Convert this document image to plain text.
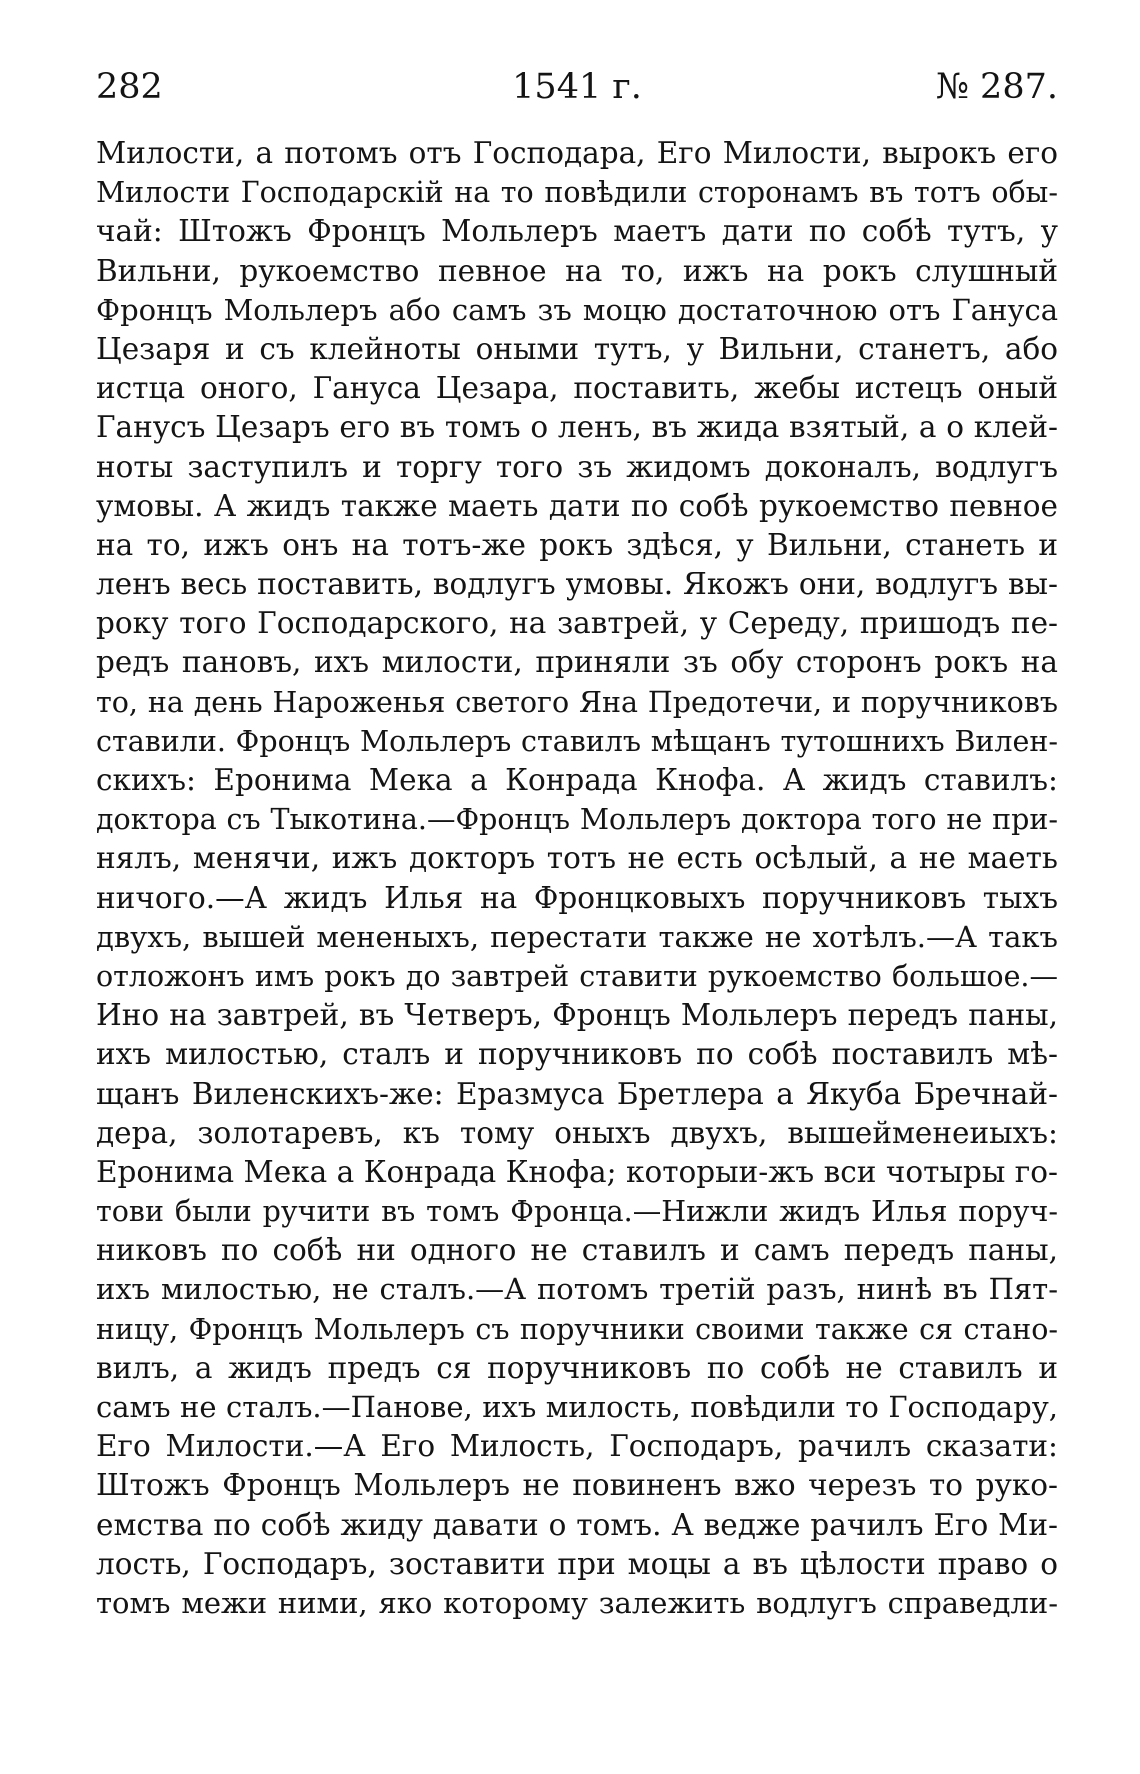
282	1541 г.	№ 287.
Милости, а потомъ отъ Господара, Его Милости, вырокъ его
Милости Господарскій на то повѣдили сторонамъ въ тотъ обы-
чай: Штожъ Фронцъ Мольлеръ маетъ дати по собѣ тутъ, у
Вильни, рукоемство певное на то, ижъ на рокъ слушный
Фронцъ Мольлеръ або самъ зъ моцю достаточною отъ Гануса
Цезаря и съ клейноты оными тутъ, у Вильни, станетъ, або
истца оного, Гануса Цезара, поставить, жебы истецъ оный
Ганусъ Цезаръ его въ томъ о ленъ, въ жида взятый, а о клей-
ноты заступилъ и торгу того зъ жидомъ доконалъ, водлугъ
умовы. А жидъ также маеть дати по собѣ рукоемство певное
на то, ижъ онъ на тотъ-же рокъ здѣся, у Вильни, станеть и
ленъ весь поставить, водлугъ умовы. Якожъ они, водлугъ вы-
року того Господарского, на завтрей, у Середу, пришодъ пе-
редъ пановъ, ихъ милости, приняли зъ обу сторонъ рокъ на
то, на день Нароженья светого Яна Предотечи, и поручниковъ
ставили. Фронцъ Мольлеръ ставилъ мѣщанъ тутошнихъ Вилен-
скихъ: Еронима Мека а Конрада Кнофа. А жидъ ставилъ:
доктора съ Тыкотина.—Фронцъ Мольлеръ доктора того не при-
нялъ, менячи, ижъ докторъ тотъ не есть осѣлый, а не маеть
ничого.—А жидъ Илья на Фронцковыхъ поручниковъ тыхъ
двухъ, вышей мененыхъ, перестати также не хотѣлъ.—А такъ
отложонъ имъ рокъ до завтрей ставити рукоемство большое.—
Ино на завтрей, въ Четверъ, Фронцъ Мольлеръ передъ паны,
ихъ милостью, сталъ и поручниковъ по собѣ поставилъ мѣ-
щанъ Виленскихъ-же: Еразмуса Бретлера а Якуба Бречнай-
дера, золотаревъ, къ тому оныхъ двухъ, вышейменеиыхъ:
Еронима Мека а Конрада Кнофа; которыи-жъ вси чотыры го-
тови были ручити въ томъ Фронца.—Нижли жидъ Илья поруч-
никовъ по собѣ ни одного не ставилъ и самъ передъ паны,
ихъ милостью, не сталъ.—А потомъ третій разъ, нинѣ въ Пят-
ницу, Фронцъ Мольлеръ съ поручники своими также ся стано-
вилъ, а жидъ предъ ся поручниковъ по собѣ не ставилъ и
самъ не сталъ.—Панове, ихъ милость, повѣдили то Господару,
Его Милости.—А Его Милость, Господаръ, рачилъ сказати:
Штожъ Фронцъ Мольлеръ не повиненъ вжо черезъ то руко-
емства по собѣ жиду давати о томъ. А ведже рачилъ Его Ми-
лость, Господаръ, зоставити при моцы а въ цѣлости право о
томъ межи ними, яко которому залежить водлугъ справедли-
